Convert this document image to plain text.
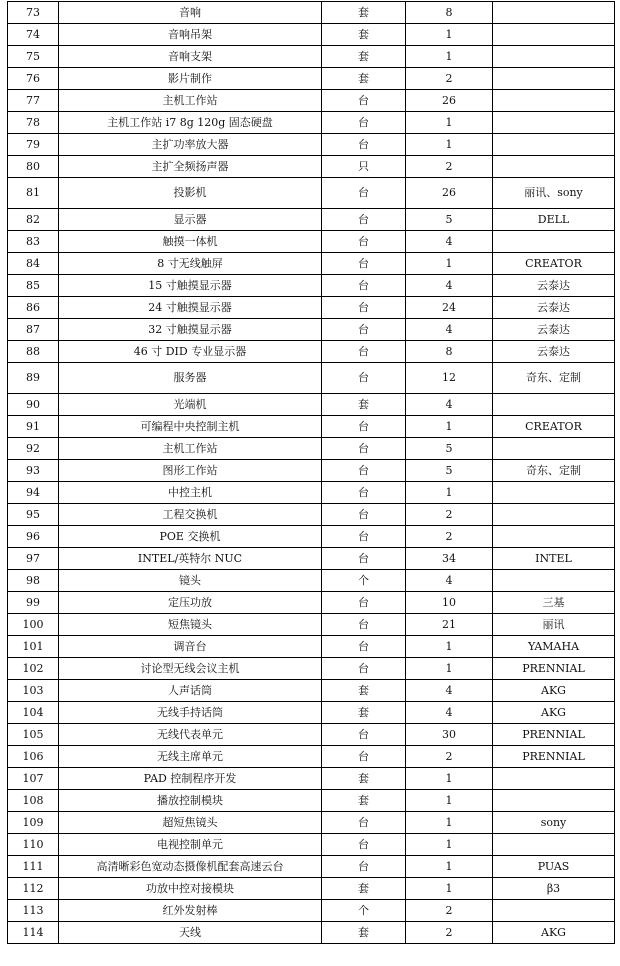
73	音响	套	8	
74	音响吊架	套	1	
75	音响支架	套	1	
76	影片制作	套	2	
77	主机工作站	台	26	
78	主机工作站 i7 8g 120g 固态硬盘	台	1	
79	主扩功率放大器	台	1	
80	主扩全频扬声器	只	2	
81	投影机	台	26	丽讯、sony
82	显示器	台	5	DELL
83	触摸一体机	台	4	
84	8 寸无线触屏	台	1	CREATOR
85	15 寸触摸显示器	台	4	云泰达
86	24 寸触摸显示器	台	24	云泰达
87	32 寸触摸显示器	台	4	云泰达
88	46 寸 DID 专业显示器	台	8	云泰达
89	服务器	台	12	奇东、定制
90	光端机	套	4	
91	可编程中央控制主机	台	1	CREATOR
92	主机工作站	台	5	
93	图形工作站	台	5	奇东、定制
94	中控主机	台	1	
95	工程交换机	台	2	
96	POE 交换机	台	2	
97	INTEL/英特尔 NUC	台	34	INTEL
98	镜头	个	4	
99	定压功放	台	10	三基
100	短焦镜头	台	21	丽讯
101	调音台	台	1	YAMAHA
102	讨论型无线会议主机	台	1	PRENNIAL
103	人声话筒	套	4	AKG
104	无线手持话筒	套	4	AKG
105	无线代表单元	台	30	PRENNIAL
106	无线主席单元	台	2	PRENNIAL
107	PAD 控制程序开发	套	1	
108	播放控制模块	套	1	
109	超短焦镜头	台	1	sony
110	电视控制单元	台	1	
111	高清晰彩色宽动态摄像机配套高速云台	台	1	PUAS
112	功放中控对接模块	套	1	β3
113	红外发射棒	个	2	
114	天线	套	2	AKG
